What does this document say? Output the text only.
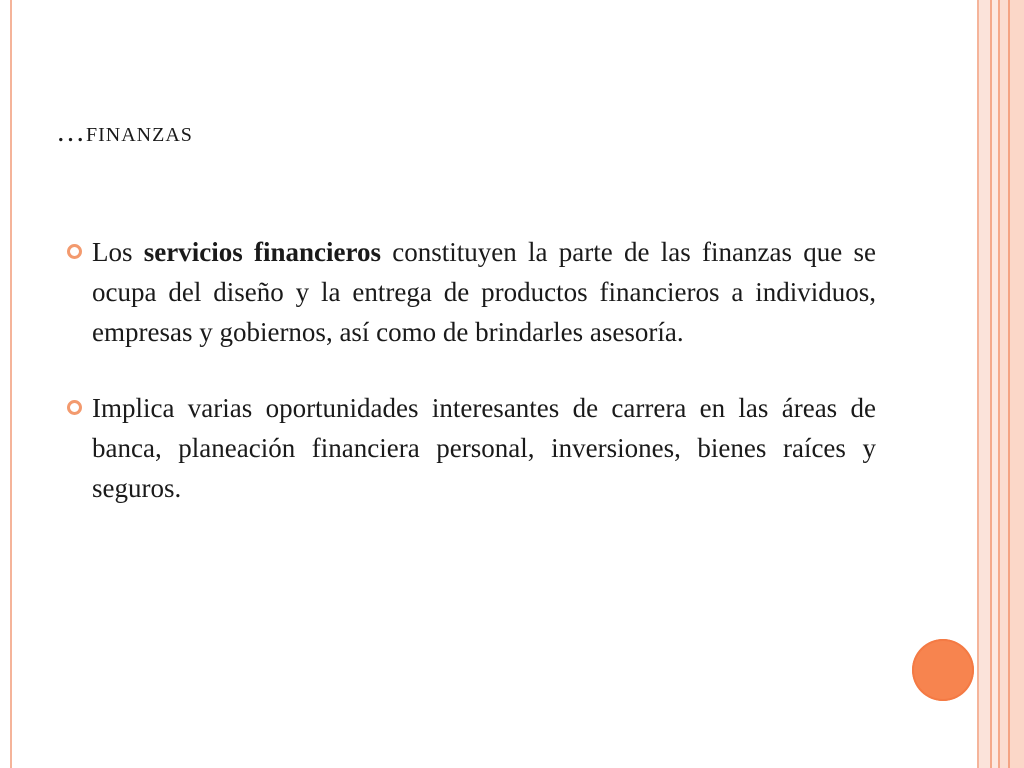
…finanzas
Los servicios financieros constituyen la parte de las finanzas que se ocupa del diseño y la entrega de productos financieros a individuos, empresas y gobiernos, así como de brindarles asesoría.
Implica varias oportunidades interesantes de carrera en las áreas de banca, planeación financiera personal, inversiones, bienes raíces y seguros.
